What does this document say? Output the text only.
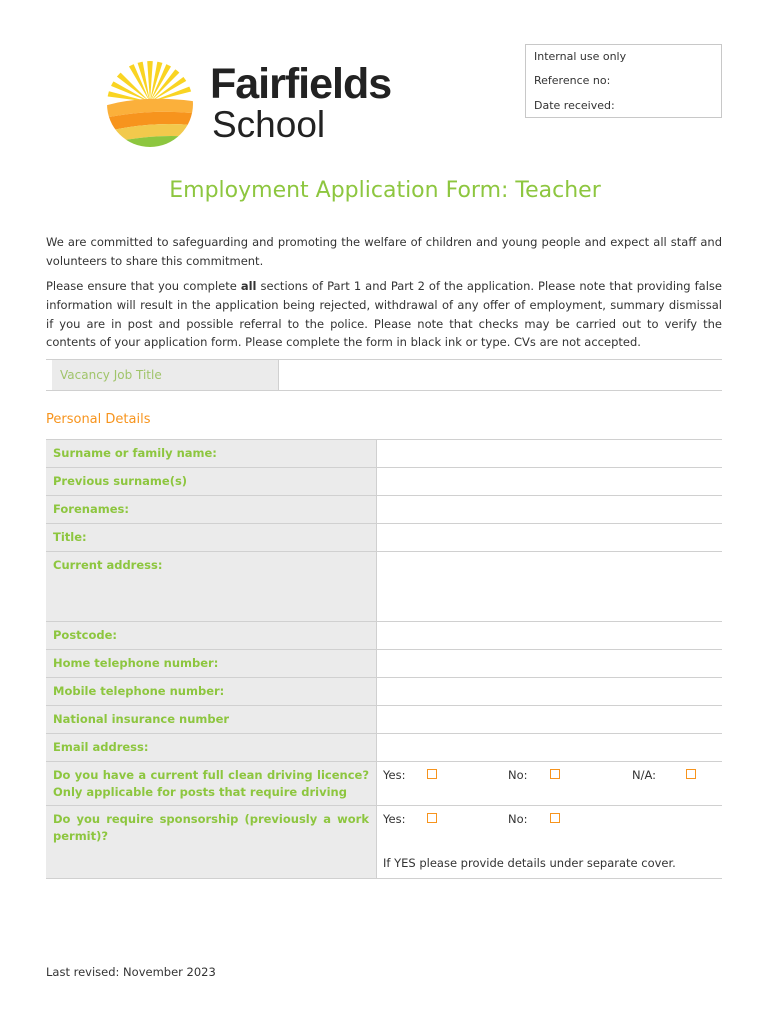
Fairfields
School
Internal use only
Reference no:
Date received:
Employment Application Form: Teacher
We are committed to safeguarding and promoting the welfare of children and young people and expect all staff and volunteers to share this commitment.
Please ensure that you complete all sections of Part 1 and Part 2 of the application. Please note that providing false information will result in the application being rejected, withdrawal of any offer of employment, summary dismissal if you are in post and possible referral to the police. Please note that checks may be carried out to verify the contents of your application form. Please complete the form in black ink or type. CVs are not accepted.
Vacancy Job Title
Personal Details
Surname or family name:
Previous surname(s)
Forenames:
Title:
Current address:
Postcode:
Home telephone number:
Mobile telephone number:
National insurance number
Email address:
Do you have a current full clean driving licence? Only applicable for posts that require driving
Yes:	No:	N/A:
Do you require sponsorship (previously a work permit)?
Yes:	No:
If YES please provide details under separate cover.
Last revised: November 2023
